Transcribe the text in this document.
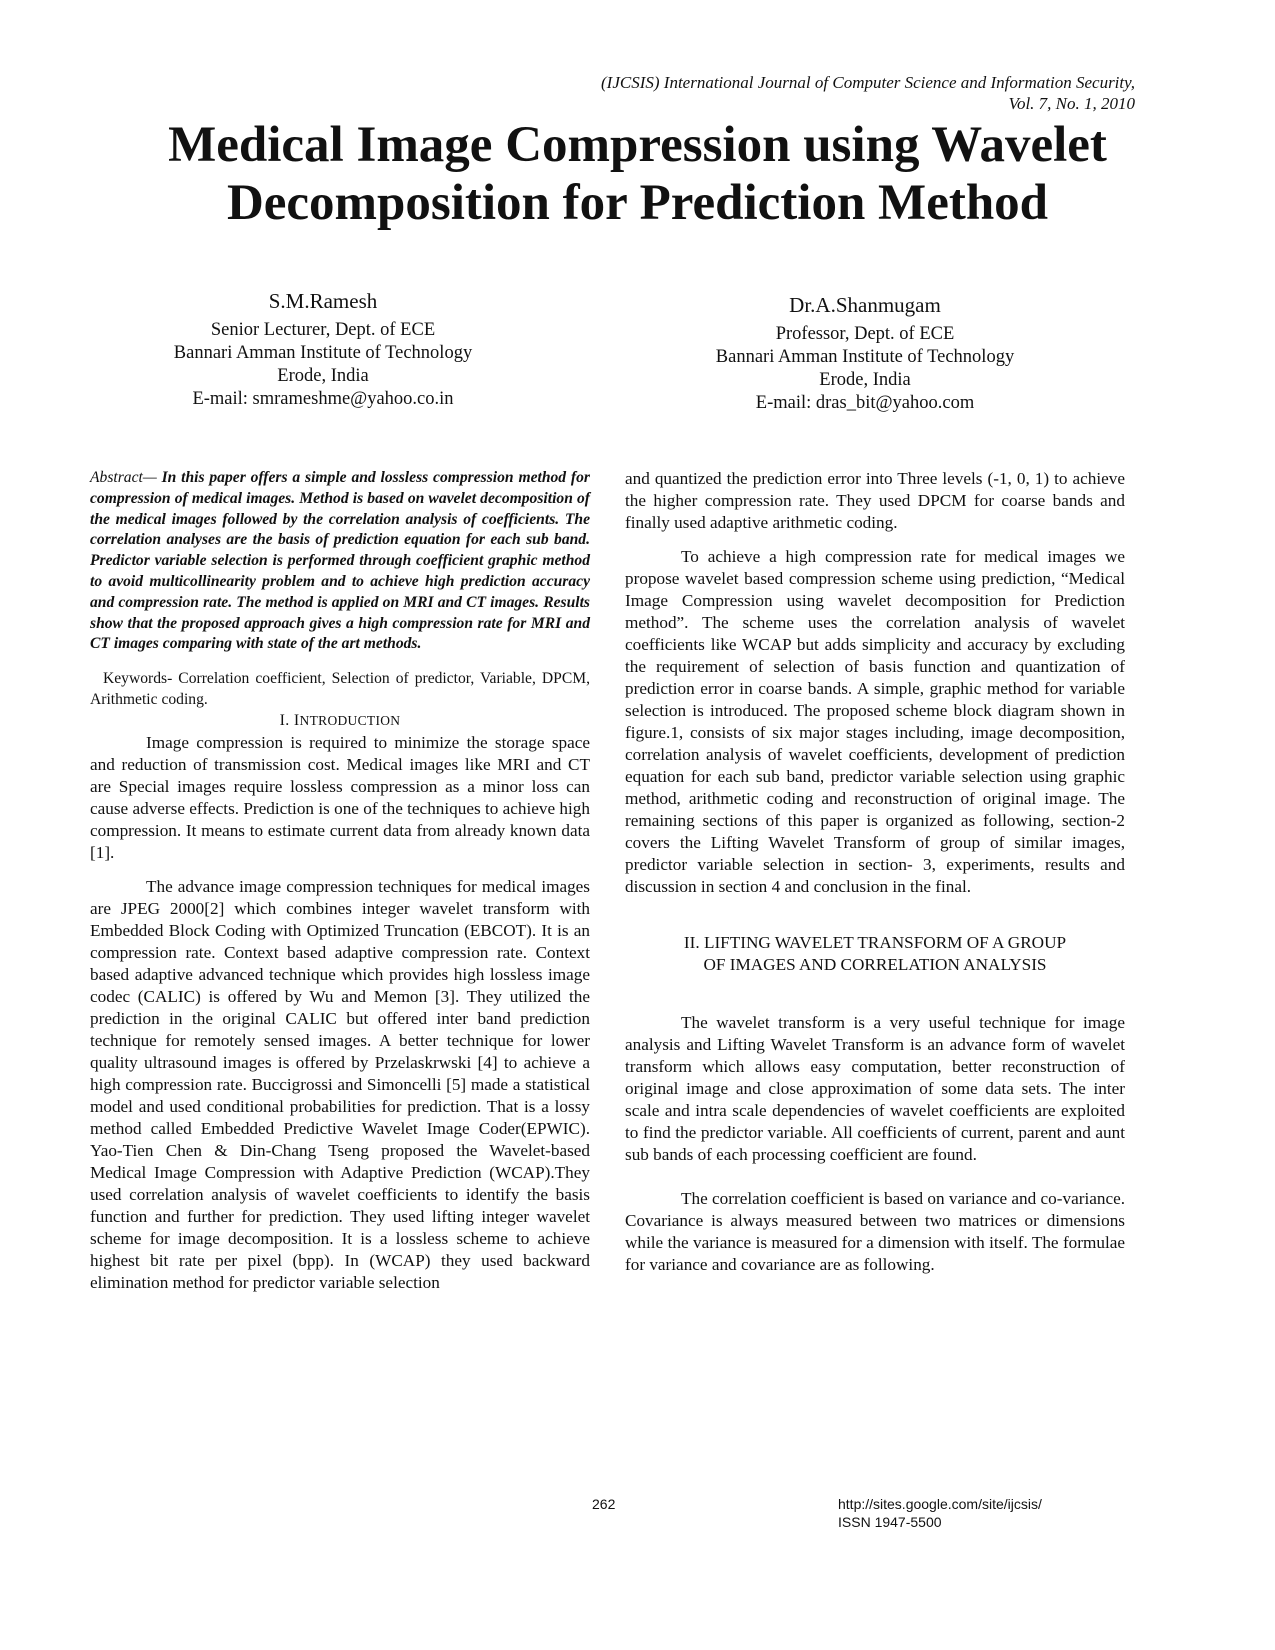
(IJCSIS) International Journal of Computer Science and Information Security,
Vol. 7, No. 1, 2010
Medical Image Compression using Wavelet
Decomposition for Prediction Method
S.M.Ramesh
Senior Lecturer, Dept. of ECE
Bannari Amman Institute of Technology
Erode, India
E-mail: smrameshme@yahoo.co.in
Dr.A.Shanmugam
Professor, Dept. of ECE
Bannari Amman Institute of Technology
Erode, India
E-mail: dras_bit@yahoo.com

Abstract— In this paper offers a simple and lossless compression method for compression of medical images. Method is based on wavelet decomposition of the medical images followed by the correlation analysis of coefficients. The correlation analyses are the basis of prediction equation for each sub band. Predictor variable selection is performed through coefficient graphic method to avoid multicollinearity problem and to achieve high prediction accuracy and compression rate. The method is applied on MRI and CT images. Results show that the proposed approach gives a high compression rate for MRI and CT images comparing with state of the art methods.

Keywords- Correlation coefficient, Selection of predictor, Variable, DPCM, Arithmetic coding.

I. INTRODUCTION

Image compression is required to minimize the storage space and reduction of transmission cost. Medical images like MRI and CT are Special images require lossless compression as a minor loss can cause adverse effects. Prediction is one of the techniques to achieve high compression. It means to estimate current data from already known data [1].

The advance image compression techniques for medical images are JPEG 2000[2] which combines integer wavelet transform with Embedded Block Coding with Optimized Truncation (EBCOT). It is an compression rate. Context based adaptive compression rate. Context based adaptive advanced technique which provides high lossless image codec (CALIC) is offered by Wu and Memon [3]. They utilized the prediction in the original CALIC but offered inter band prediction technique for remotely sensed images. A better technique for lower quality ultrasound images is offered by Przelaskrwski [4] to achieve a high compression rate. Buccigrossi and Simoncelli [5] made a statistical model and used conditional probabilities for prediction. That is a lossy method called Embedded Predictive Wavelet Image Coder(EPWIC). Yao-Tien Chen & Din-Chang Tseng proposed the Wavelet-based Medical Image Compression with Adaptive Prediction (WCAP).They used correlation analysis of wavelet coefficients to identify the basis function and further for prediction. They used lifting integer wavelet scheme for image decomposition. It is a lossless scheme to achieve highest bit rate per pixel (bpp). In (WCAP) they used backward elimination method for predictor variable selection

and quantized the prediction error into Three levels (-1, 0, 1) to achieve the higher compression rate. They used DPCM for coarse bands and finally used adaptive arithmetic coding.

To achieve a high compression rate for medical images we propose wavelet based compression scheme using prediction, “Medical Image Compression using wavelet decomposition for Prediction method”. The scheme uses the correlation analysis of wavelet coefficients like WCAP but adds simplicity and accuracy by excluding the requirement of selection of basis function and quantization of prediction error in coarse bands. A simple, graphic method for variable selection is introduced. The proposed scheme block diagram shown in figure.1, consists of six major stages including, image decomposition, correlation analysis of wavelet coefficients, development of prediction equation for each sub band, predictor variable selection using graphic method, arithmetic coding and reconstruction of original image. The remaining sections of this paper is organized as following, section-2 covers the Lifting Wavelet Transform of group of similar images, predictor variable selection in section- 3, experiments, results and discussion in section 4 and conclusion in the final.

II. LIFTING WAVELET TRANSFORM OF A GROUP
OF IMAGES AND CORRELATION ANALYSIS

The wavelet transform is a very useful technique for image analysis and Lifting Wavelet Transform is an advance form of wavelet transform which allows easy computation, better reconstruction of original image and close approximation of some data sets. The inter scale and intra scale dependencies of wavelet coefficients are exploited to find the predictor variable. All coefficients of current, parent and aunt sub bands of each processing coefficient are found.

The correlation coefficient is based on variance and co-variance. Covariance is always measured between two matrices or dimensions while the variance is measured for a dimension with itself. The formulae for variance and covariance are as following.

262	http://sites.google.com/site/ijcsis/
ISSN 1947-5500
